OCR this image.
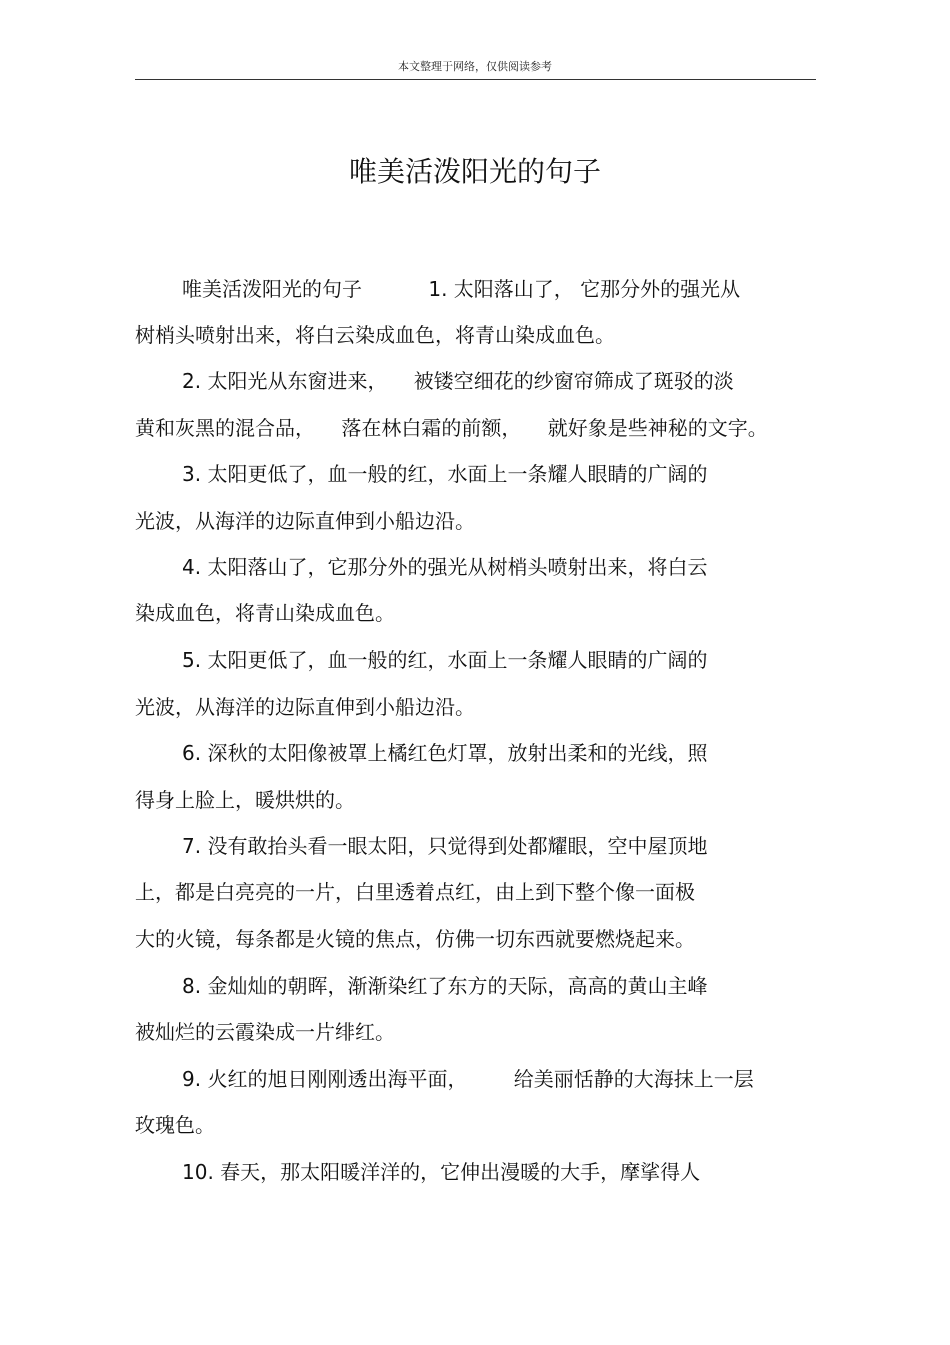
本文整理于网络，仅供阅读参考
唯美活泼阳光的句子
唯美活泼阳光的句子 　　　1. 太阳落山了， 它那分外的强光从
树梢头喷射出来，将白云染成血色，将青山染成血色。
2. 太阳光从东窗进来， 　被镂空细花的纱窗帘筛成了斑驳的淡
黄和灰黑的混合品， 　落在林白霜的前额， 　就好象是些神秘的文字。
3. 太阳更低了，血一般的红，水面上一条耀人眼睛的广阔的
光波，从海洋的边际直伸到小船边沿。
4. 太阳落山了，它那分外的强光从树梢头喷射出来，将白云
染成血色，将青山染成血色。
5. 太阳更低了，血一般的红，水面上一条耀人眼睛的广阔的
光波，从海洋的边际直伸到小船边沿。
6. 深秋的太阳像被罩上橘红色灯罩，放射出柔和的光线，照
得身上脸上，暖烘烘的。
7. 没有敢抬头看一眼太阳，只觉得到处都耀眼，空中屋顶地
上，都是白亮亮的一片，白里透着点红，由上到下整个像一面极
大的火镜，每条都是火镜的焦点，仿佛一切东西就要燃烧起来。
8. 金灿灿的朝晖，渐渐染红了东方的天际，高高的黄山主峰
被灿烂的云霞染成一片绯红。
9. 火红的旭日刚刚透出海平面， 　　给美丽恬静的大海抹上一层
玫瑰色。
10. 春天，那太阳暖洋洋的，它伸出漫暖的大手，摩挲得人
